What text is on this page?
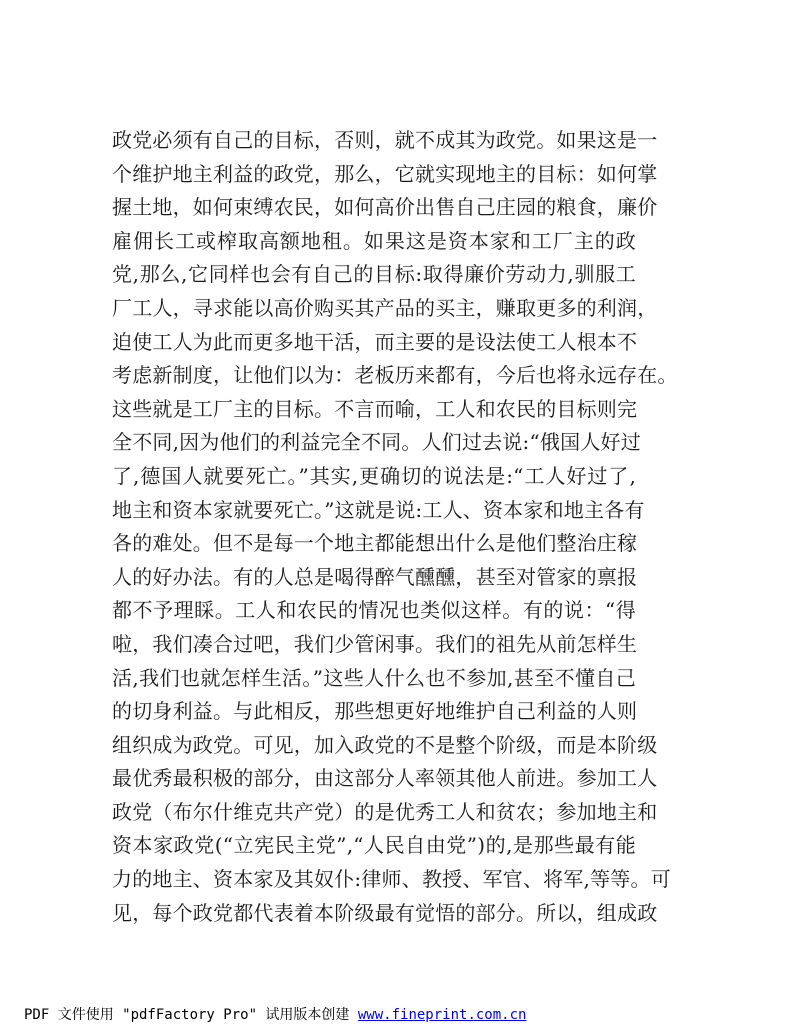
政党必须有自己的目标，否则，就不成其为政党。如果这是一
个维护地主利益的政党，那么，它就实现地主的目标：如何掌
握土地，如何束缚农民，如何高价出售自己庄园的粮食，廉价
雇佣长工或榨取高额地租。如果这是资本家和工厂主的政
党,那么,它同样也会有自己的目标:取得廉价劳动力,驯服工
厂工人，寻求能以高价购买其产品的买主，赚取更多的利润，
迫使工人为此而更多地干活，而主要的是设法使工人根本不
考虑新制度，让他们以为：老板历来都有，今后也将永远存在。
这些就是工厂主的目标。不言而喻，工人和农民的目标则完
全不同,因为他们的利益完全不同。人们过去说:“俄国人好过
了,德国人就要死亡。”其实,更确切的说法是:“工人好过了,
地主和资本家就要死亡。”这就是说:工人、资本家和地主各有
各的难处。但不是每一个地主都能想出什么是他们整治庄稼
人的好办法。有的人总是喝得醉气醺醺，甚至对管家的禀报
都不予理睬。工人和农民的情况也类似这样。有的说：“得
啦，我们凑合过吧，我们少管闲事。我们的祖先从前怎样生
活,我们也就怎样生活。”这些人什么也不参加,甚至不懂自己
的切身利益。与此相反，那些想更好地维护自己利益的人则
组织成为政党。可见，加入政党的不是整个阶级，而是本阶级
最优秀最积极的部分，由这部分人率领其他人前进。参加工人
政党（布尔什维克共产党）的是优秀工人和贫农；参加地主和
资本家政党(“立宪民主党”,“人民自由党”)的,是那些最有能
力的地主、资本家及其奴仆:律师、教授、军官、将军,等等。可
见，每个政党都代表着本阶级最有觉悟的部分。所以，组成政
PDF 文件使用 "pdfFactory Pro" 试用版本创建 www.fineprint.com.cn
